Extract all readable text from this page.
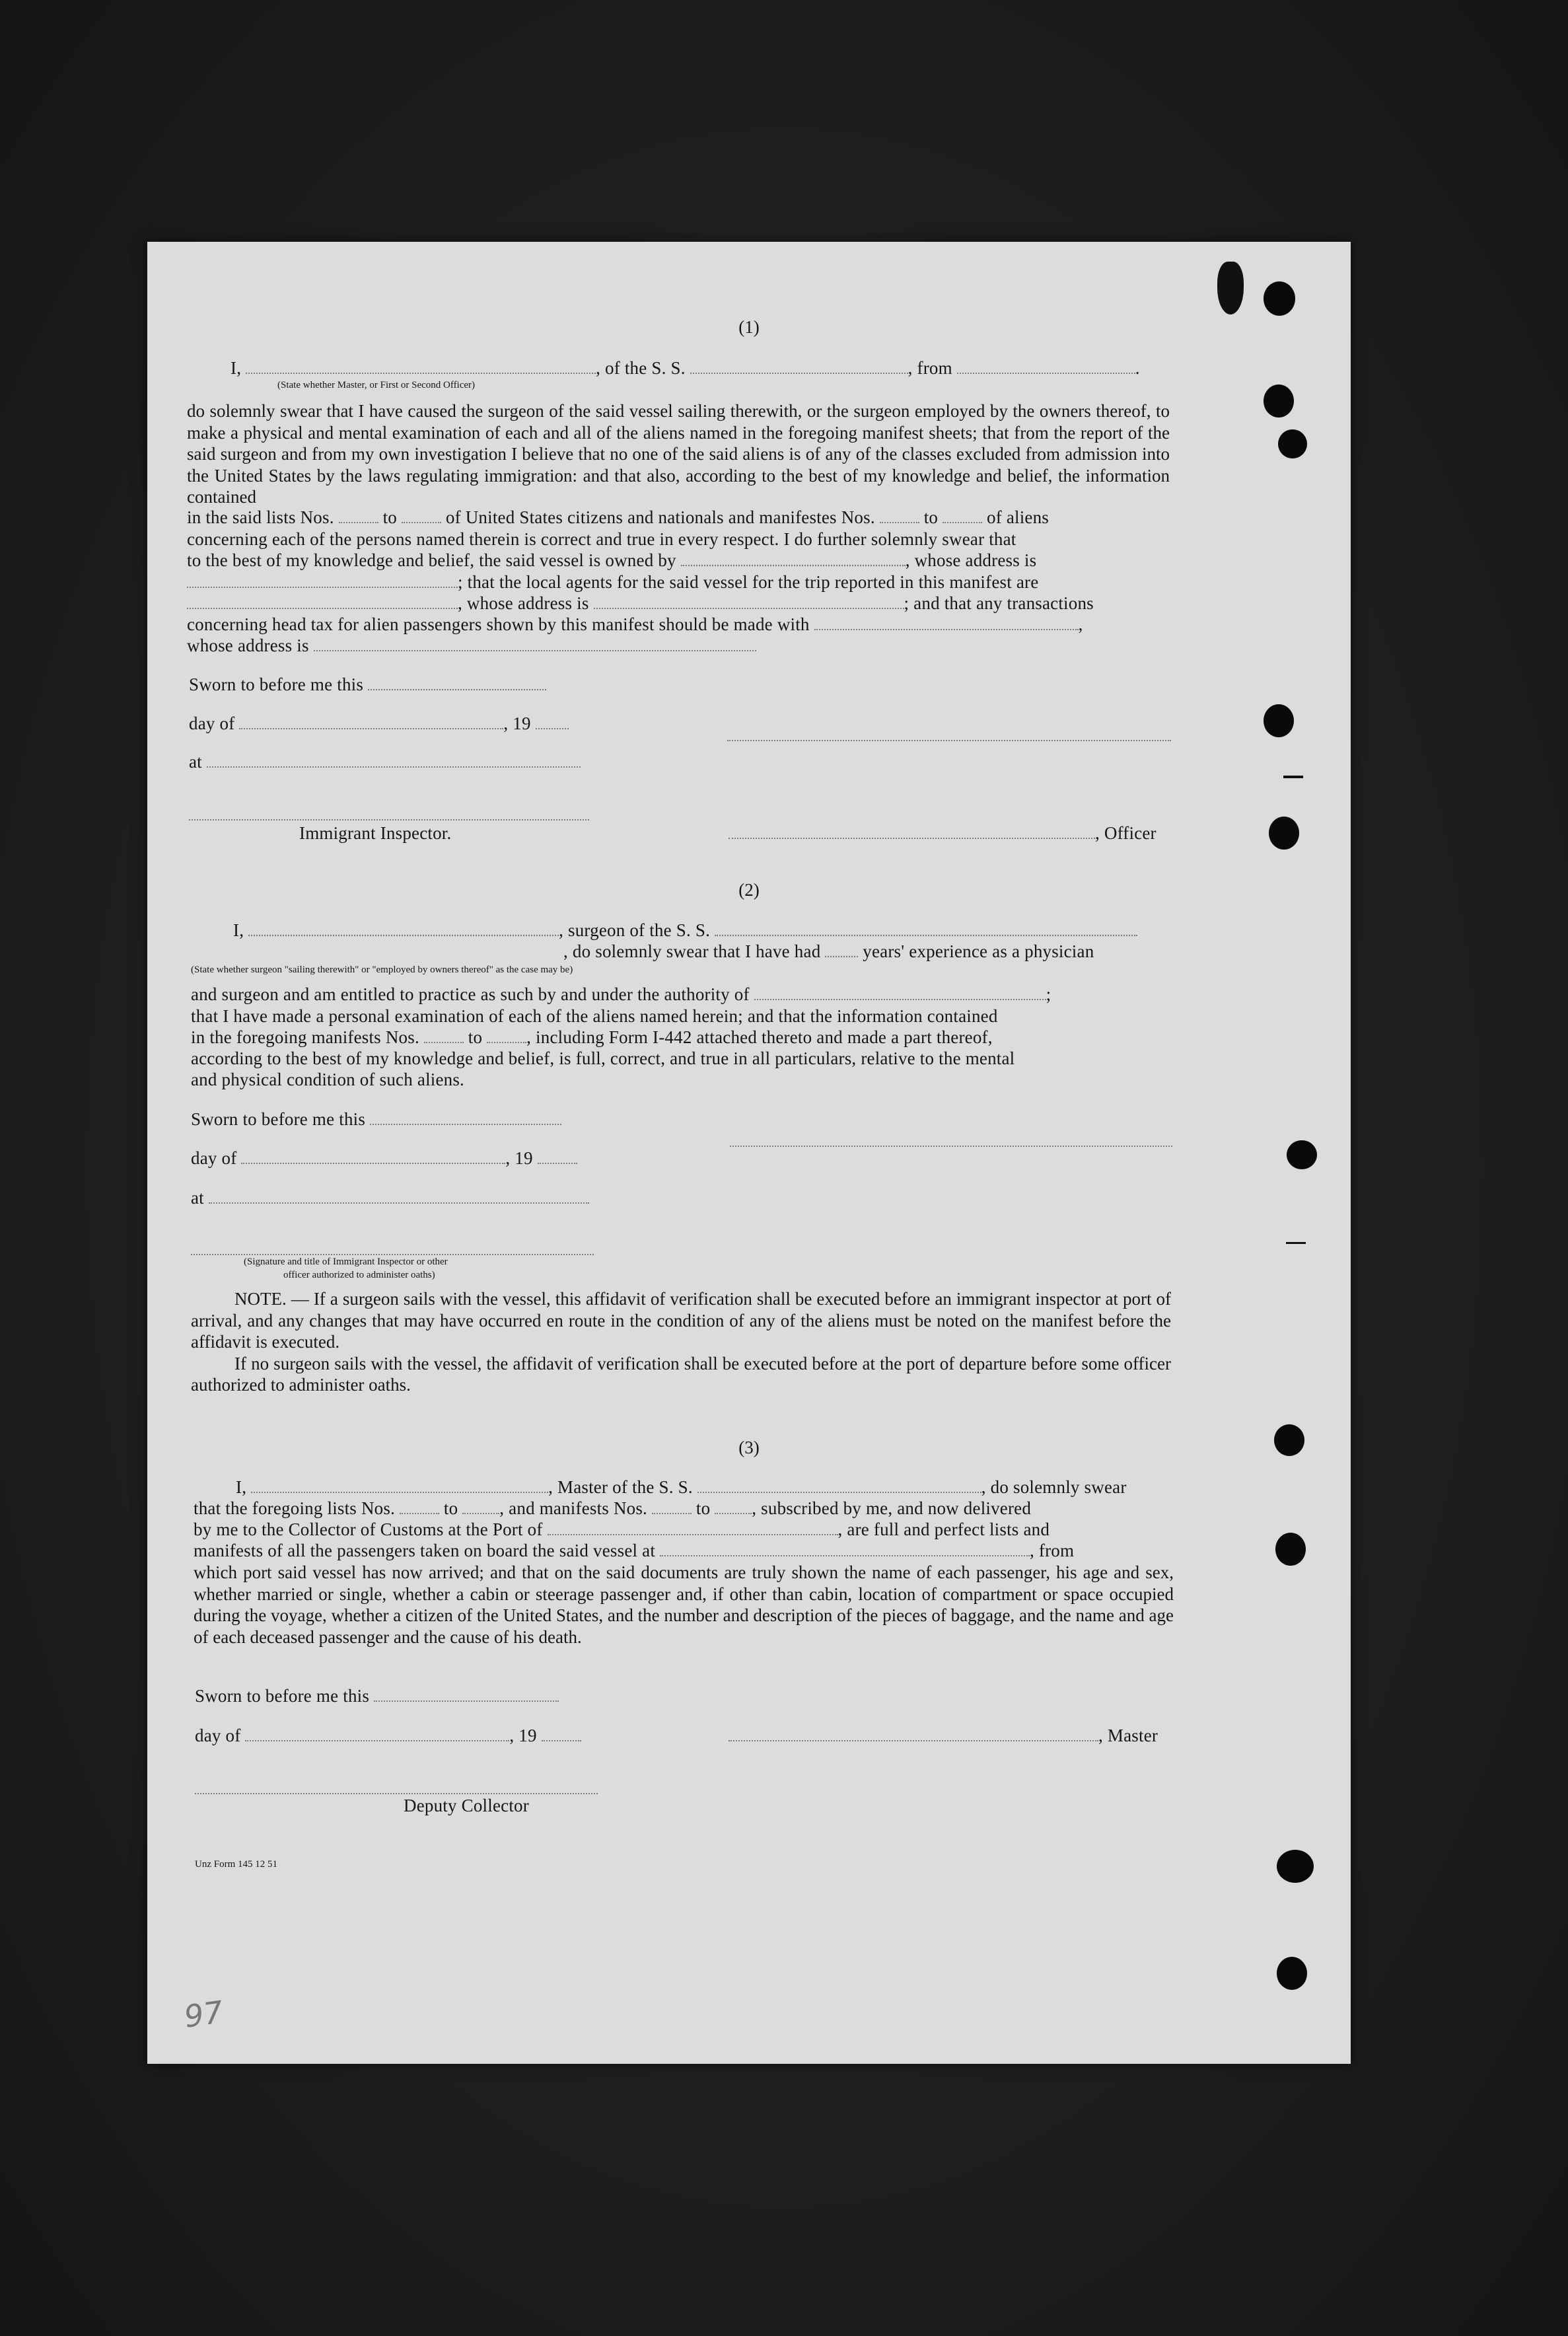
(1)
I,	, of the S. S.	, from	.
(State whether Master, or First or Second Officer)

do solemnly swear that I have caused the surgeon of the said vessel sailing therewith, or the surgeon employed by the owners thereof, to make a physical and mental examination of each and all of the aliens named in the foregoing manifest sheets; that from the report of the said surgeon and from my own investigation I believe that no one of the said aliens is of any of the classes excluded from admission into the United States by the laws regulating immigration: and that also, according to the best of my knowledge and belief, the information contained

in the said lists Nos.	to	of United States citizens and nationals and manifestes Nos.	to	of aliens
concerning each of the persons named therein is correct and true in every respect. I do further solemnly swear that
to the best of my knowledge and belief, the said vessel is owned by	, whose address is
; that the local agents for the said vessel for the trip reported in this manifest are
, whose address is	; and that any transactions
concerning head tax for alien passengers shown by this manifest should be made with	,
whose address is
Sworn to before me this
day of	, 19
at
Immigrant Inspector.	, Officer
(2)
I,	, surgeon of the S. S.
, do solemnly swear that I have had years' experience as a physician
(State whether surgeon "sailing therewith" or "employed by owners thereof" as the case may be)
and surgeon and am entitled to practice as such by and under the authority of	;
that I have made a personal examination of each of the aliens named herein; and that the information contained
in the foregoing manifests Nos.	to , including Form I-442 attached thereto and made a part thereof,
according to the best of my knowledge and belief, is full, correct, and true in all particulars, relative to the mental
and physical condition of such aliens.
Sworn to before me this
day of	, 19
at
(Signature and title of Immigrant Inspector or other
officer authorized to administer oaths)

NOTE. — If a surgeon sails with the vessel, this affidavit of verification shall be executed before an immigrant inspector at port of arrival, and any changes that may have occurred en route in the condition of any of the aliens must be noted on the manifest before the affidavit is executed.

If no surgeon sails with the vessel, the affidavit of verification shall be executed before at the port of departure before some officer authorized to administer oaths.

(3)
I,	, Master of the S. S.	, do solemnly swear
that the foregoing lists Nos.	to , and manifests Nos.	to , subscribed by me, and now delivered
by me to the Collector of Customs at the Port of	, are full and perfect lists and
manifests of all the passengers taken on board the said vessel at	, from

which port said vessel has now arrived; and that on the said documents are truly shown the name of each passenger, his age and sex, whether married or single, whether a cabin or steerage passenger and, if other than cabin, location of compartment or space occupied during the voyage, whether a citizen of the United States, and the number and description of the pieces of baggage, and the name and age of each deceased passenger and the cause of his death.

Sworn to before me this
day of	, 19	, Master
Deputy Collector
Unz Form 145 12 51
97
